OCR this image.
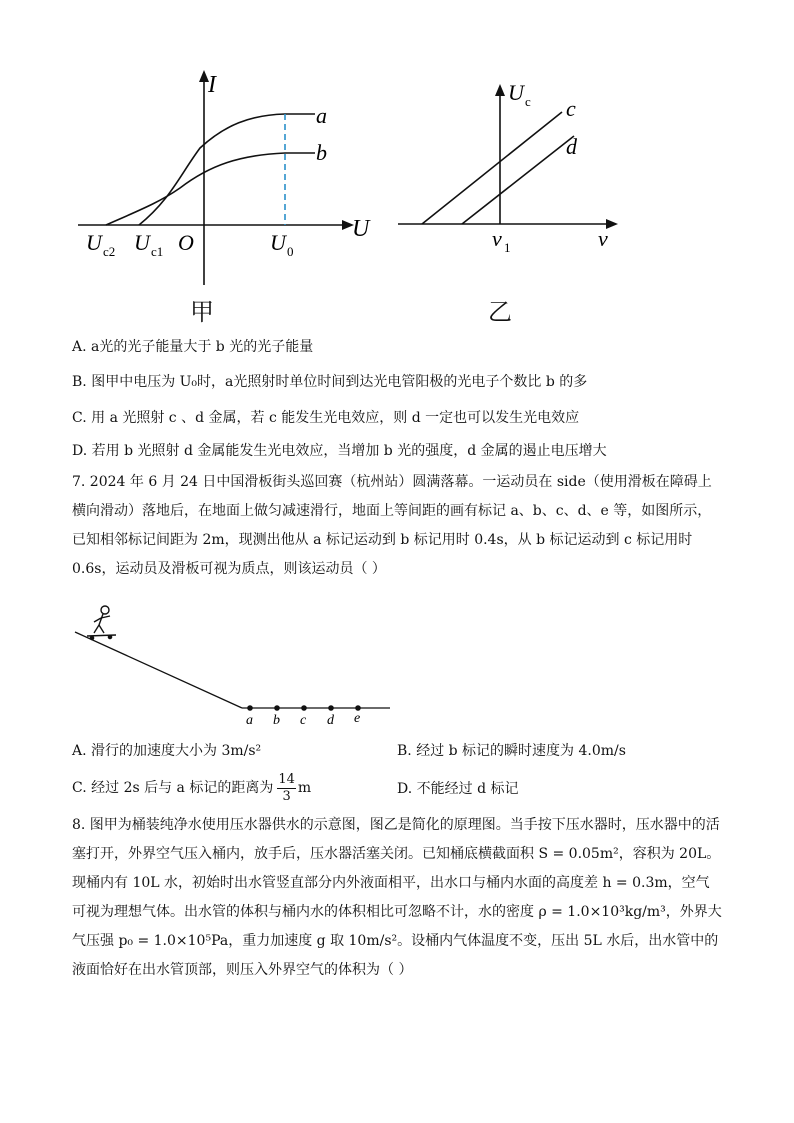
I
U
a
b
U c2 U c1 O	U 0
甲
U c c
d
ν 1	ν
乙
A. a光的光子能量大于 b 光的光子能量
B. 图甲中电压为 U₀时，a光照射时单位时间到达光电管阳极的光电子个数比 b 的多
C. 用 a 光照射 c 、d 金属，若 c 能发生光电效应，则 d 一定也可以发生光电效应
D. 若用 b 光照射 d 金属能发生光电效应，当增加 b 光的强度，d 金属的遏止电压增大
7. 2024 年 6 月 24 日中国滑板街头巡回赛（杭州站）圆满落幕。一运动员在 side（使用滑板在障碍上横向滑动）落地后，在地面上做匀减速滑行，地面上等间距的画有标记 a、b、c、d、e 等，如图所示，已知相邻标记间距为 2m，现测出他从 a 标记运动到 b 标记用时 0.4s，从 b 标记运动到 c 标记用时 0.6s，运动员及滑板可视为质点，则该运动员（ ）
a b c d e
A. 滑行的加速度大小为 3m/s²	B. 经过 b 标记的瞬时速度为 4.0m/s
C. 经过 2s 后与 a 标记的距离为 $\frac{14}{3}$ m	D. 不能经过 d 标记
8. 图甲为桶装纯净水使用压水器供水的示意图，图乙是简化的原理图。当手按下压水器时，压水器中的活塞打开，外界空气压入桶内，放手后，压水器活塞关闭。已知桶底横截面积 S = 0.05m²，容积为 20L。现桶内有 10L 水，初始时出水管竖直部分内外液面相平，出水口与桶内水面的高度差 h = 0.3m，空气可视为理想气体。出水管的体积与桶内水的体积相比可忽略不计，水的密度 ρ = 1.0×10³kg/m³，外界大气压强 p₀ = 1.0×10⁵Pa，重力加速度 g 取 10m/s²。设桶内气体温度不变，压出 5L 水后，出水管中的液面恰好在出水管顶部，则压入外界空气的体积为（ ）
